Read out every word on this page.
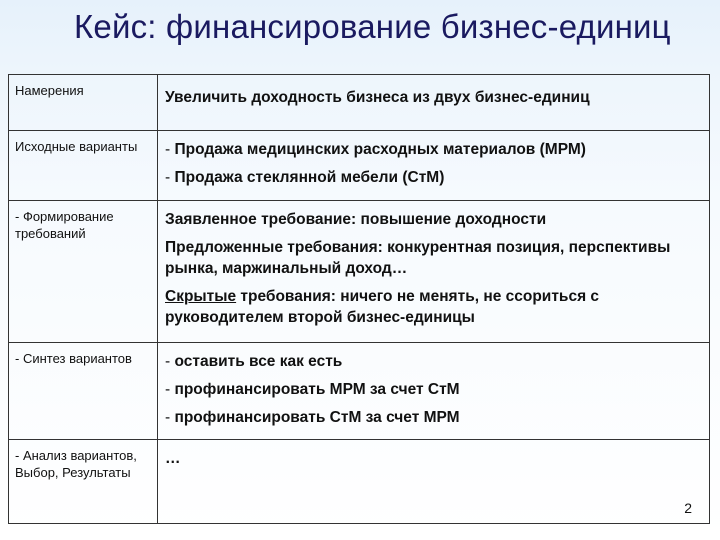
Кейс: финансирование бизнес-единиц
Намерения	Увеличить доходность бизнеса из двух бизнес-единиц
Исходные варианты	- Продажа медицинских расходных материалов (МРМ)
- Продажа стеклянной мебели (СтМ)

- Формирование требований	Заявленное требование: повышение доходности
Предложенные требования: конкурентная позиция, перспективы рынка, маржинальный доход…
Скрытые требования: ничего не менять, не ссориться с руководителем второй бизнес-единицы

- Синтез вариантов	- оставить все как есть
- профинансировать МРМ за счет СтМ
- профинансировать СтМ за счет МРМ

- Анализ вариантов, Выбор, Результаты	…
2
